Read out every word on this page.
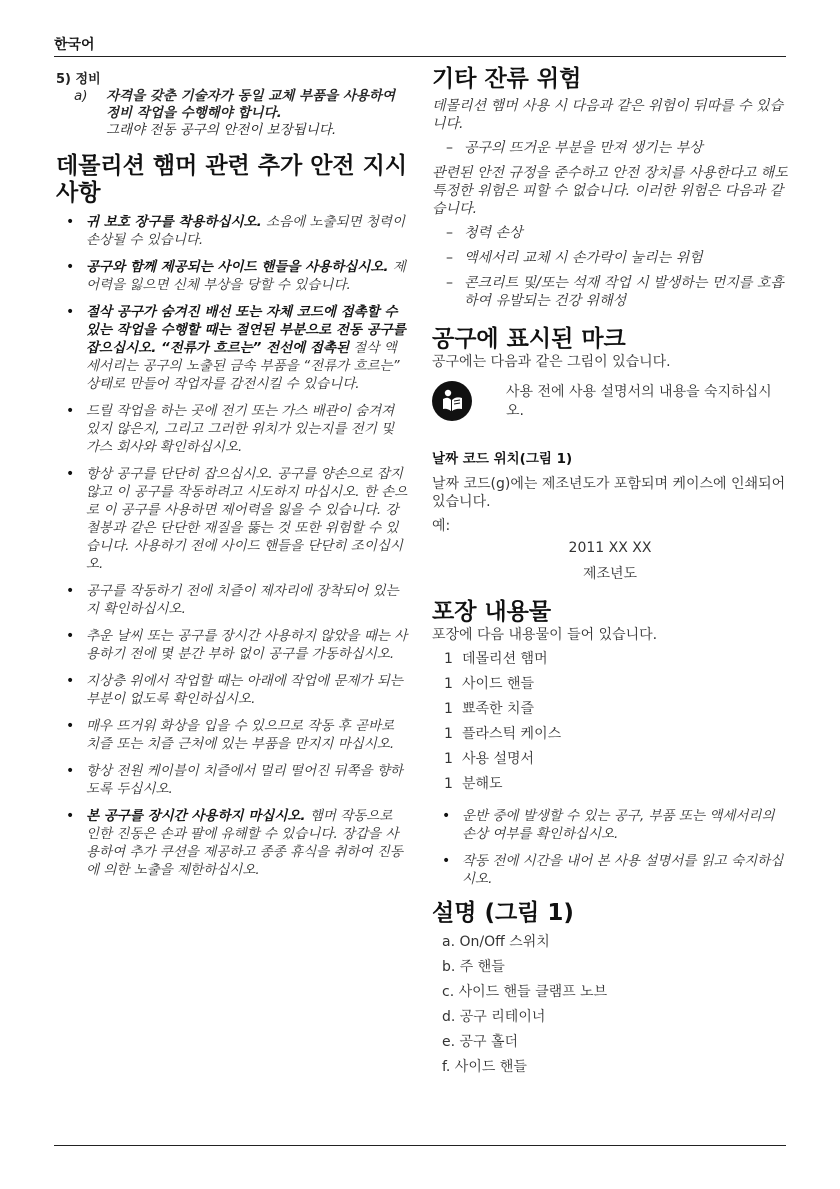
한국어
5) 정비
a)	자격을 갖춘 기술자가 동일 교체 부품을 사용하여 정비 작업을 수행해야 합니다.
그래야 전동 공구의 안전이 보장됩니다.
데몰리션 햄머 관련 추가 안전 지시 사항
• 귀 보호 장구를 착용하십시오. 소음에 노출되면 청력이 손상될 수 있습니다.
• 공구와 함께 제공되는 사이드 핸들을 사용하십시오. 제어력을 잃으면 신체 부상을 당할 수 있습니다.
• 절삭 공구가 숨겨진 배선 또는 자체 코드에 접촉할 수 있는 작업을 수행할 때는 절연된 부분으로 전동 공구를 잡으십시오. “전류가 흐르는” 전선에 접촉된 절삭 액세서리는 공구의 노출된 금속 부품을 “전류가 흐르는” 상태로 만들어 작업자를 감전시킬 수 있습니다.
• 드릴 작업을 하는 곳에 전기 또는 가스 배관이 숨겨져 있지 않은지, 그리고 그러한 위치가 있는지를 전기 및 가스 회사와 확인하십시오.
• 항상 공구를 단단히 잡으십시오. 공구를 양손으로 잡지 않고 이 공구를 작동하려고 시도하지 마십시오. 한 손으로 이 공구를 사용하면 제어력을 잃을 수 있습니다. 강철봉과 같은 단단한 재질을 뚫는 것 또한 위험할 수 있습니다. 사용하기 전에 사이드 핸들을 단단히 조이십시오.
• 공구를 작동하기 전에 치즐이 제자리에 장착되어 있는지 확인하십시오.
• 추운 날씨 또는 공구를 장시간 사용하지 않았을 때는 사용하기 전에 몇 분간 부하 없이 공구를 가동하십시오.
• 지상층 위에서 작업할 때는 아래에 작업에 문제가 되는 부분이 없도록 확인하십시오.
• 매우 뜨거워 화상을 입을 수 있으므로 작동 후 곧바로 치즐 또는 치즐 근처에 있는 부품을 만지지 마십시오.
• 항상 전원 케이블이 치즐에서 멀리 떨어진 뒤쪽을 향하도록 두십시오.
• 본 공구를 장시간 사용하지 마십시오. 햄머 작동으로 인한 진동은 손과 팔에 유해할 수 있습니다. 장갑을 사용하여 추가 쿠션을 제공하고 종종 휴식을 취하여 진동에 의한 노출을 제한하십시오.
기타 잔류 위험

데몰리션 햄머 사용 시 다음과 같은 위험이 뒤따를 수 있습니다.

– 공구의 뜨거운 부분을 만져 생기는 부상

관련된 안전 규정을 준수하고 안전 장치를 사용한다고 해도 특정한 위험은 피할 수 없습니다. 이러한 위험은 다음과 같습니다.

– 청력 손상
– 액세서리 교체 시 손가락이 눌리는 위험
– 콘크리트 및/또는 석재 작업 시 발생하는 먼지를 호흡하여 유발되는 건강 위해성
공구에 표시된 마크

공구에는 다음과 같은 그림이 있습니다.

사용 전에 사용 설명서의 내용을 숙지하십시오.
날짜 코드 위치(그림 1)

날짜 코드(g)에는 제조년도가 포함되며 케이스에 인쇄되어 있습니다.

예:

2011 XX XX

제조년도

포장 내용물

포장에 다음 내용물이 들어 있습니다.

1 데몰리션 햄머
1 사이드 핸들
1 뾰족한 치즐
1 플라스틱 케이스
1 사용 설명서
1 분해도
• 운반 중에 발생할 수 있는 공구, 부품 또는 액세서리의 손상 여부를 확인하십시오.
• 작동 전에 시간을 내어 본 사용 설명서를 읽고 숙지하십시오.
설명 (그림 1)
a. On/Off 스위치
b. 주 핸들
c. 사이드 핸들 클램프 노브
d. 공구 리테이너
e. 공구 홀더
f. 사이드 핸들
